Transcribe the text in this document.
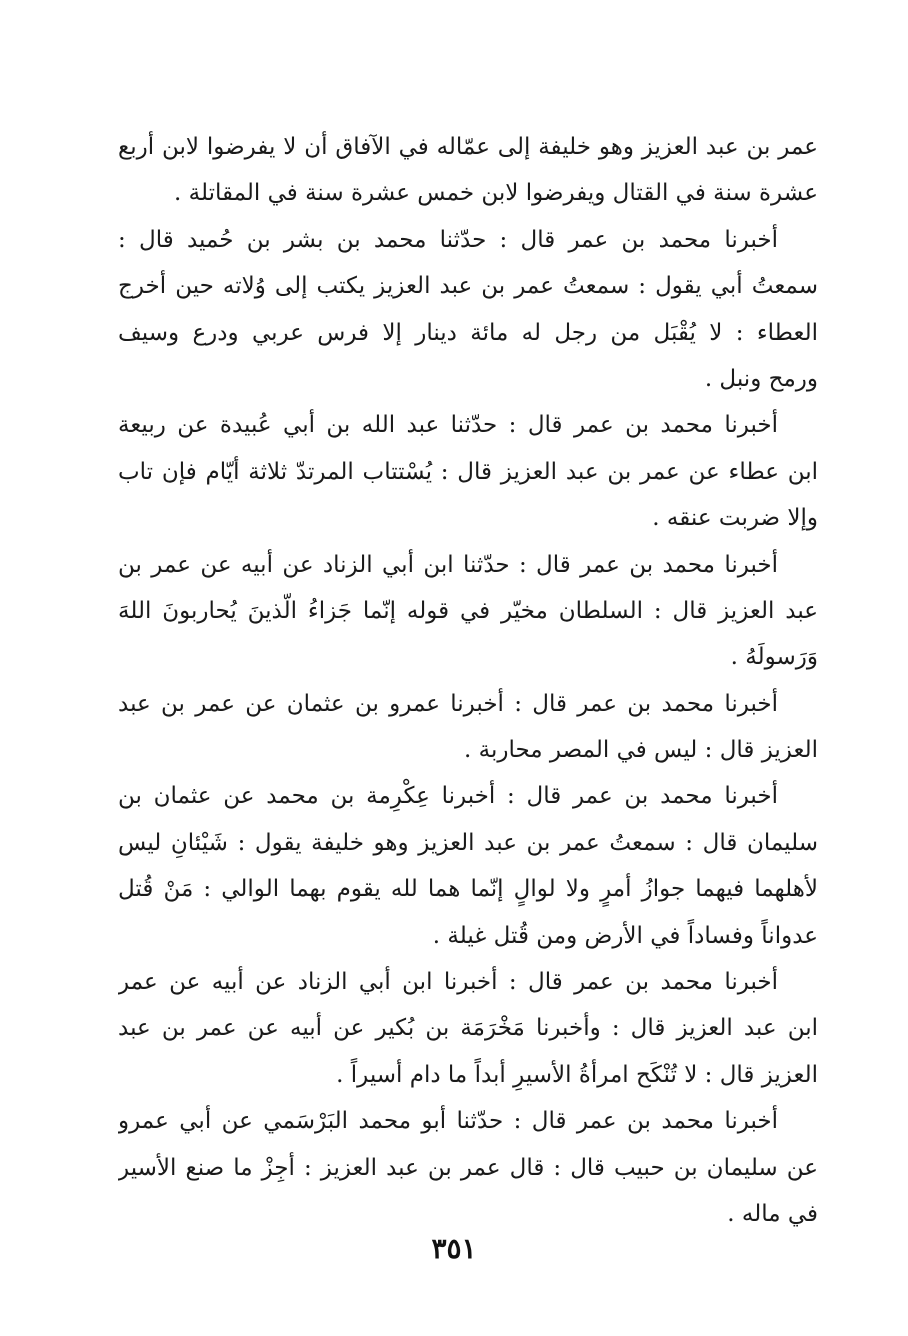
عمر بن عبد العزيز وهو خليفة إلى عمّاله في الآفاق أن لا يفرضوا لابن أربع
عشرة سنة في القتال ويفرضوا لابن خمس عشرة سنة في المقاتلة .
أخبرنا محمد بن عمر قال : حدّثنا محمد بن بشر بن حُميد قال :
سمعتُ أبي يقول : سمعتُ عمر بن عبد العزيز يكتب إلى وُلاته حين أخرج
العطاء : لا يُقْبَل من رجل له مائة دينار إلا فرس عربي ودرع وسيف
ورمح ونبل .
أخبرنا محمد بن عمر قال : حدّثنا عبد الله بن أبي عُبيدة عن ربيعة
ابن عطاء عن عمر بن عبد العزيز قال : يُسْتتاب المرتدّ ثلاثة أيّام فإن تاب
وإلا ضربت عنقه .
أخبرنا محمد بن عمر قال : حدّثنا ابن أبي الزناد عن أبيه عن عمر بن
عبد العزيز قال : السلطان مخيّر في قوله إنّما جَزاءُ الّذينَ يُحاربونَ اللهَ
وَرَسولَهُ .
أخبرنا محمد بن عمر قال : أخبرنا عمرو بن عثمان عن عمر بن عبد
العزيز قال : ليس في المصر محاربة .
أخبرنا محمد بن عمر قال : أخبرنا عِكْرِمة بن محمد عن عثمان بن
سليمان قال : سمعتُ عمر بن عبد العزيز وهو خليفة يقول : شَيْئانِ ليس
لأهلهما فيهما جوازُ أمرٍ ولا لوالٍ إنّما هما لله يقوم بهما الوالي : مَنْ قُتل
عدواناً وفساداً في الأرض ومن قُتل غيلة .
أخبرنا محمد بن عمر قال : أخبرنا ابن أبي الزناد عن أبيه عن عمر
ابن عبد العزيز قال : وأخبرنا مَخْرَمَة بن بُكير عن أبيه عن عمر بن عبد
العزيز قال : لا تُنْكَح امرأةُ الأسيرِ أبداً ما دام أسيراً .
أخبرنا محمد بن عمر قال : حدّثنا أبو محمد البَرْسَمي عن أبي عمرو
عن سليمان بن حبيب قال : قال عمر بن عبد العزيز : أجِزْ ما صنع الأسير
في ماله .
٣٥١
